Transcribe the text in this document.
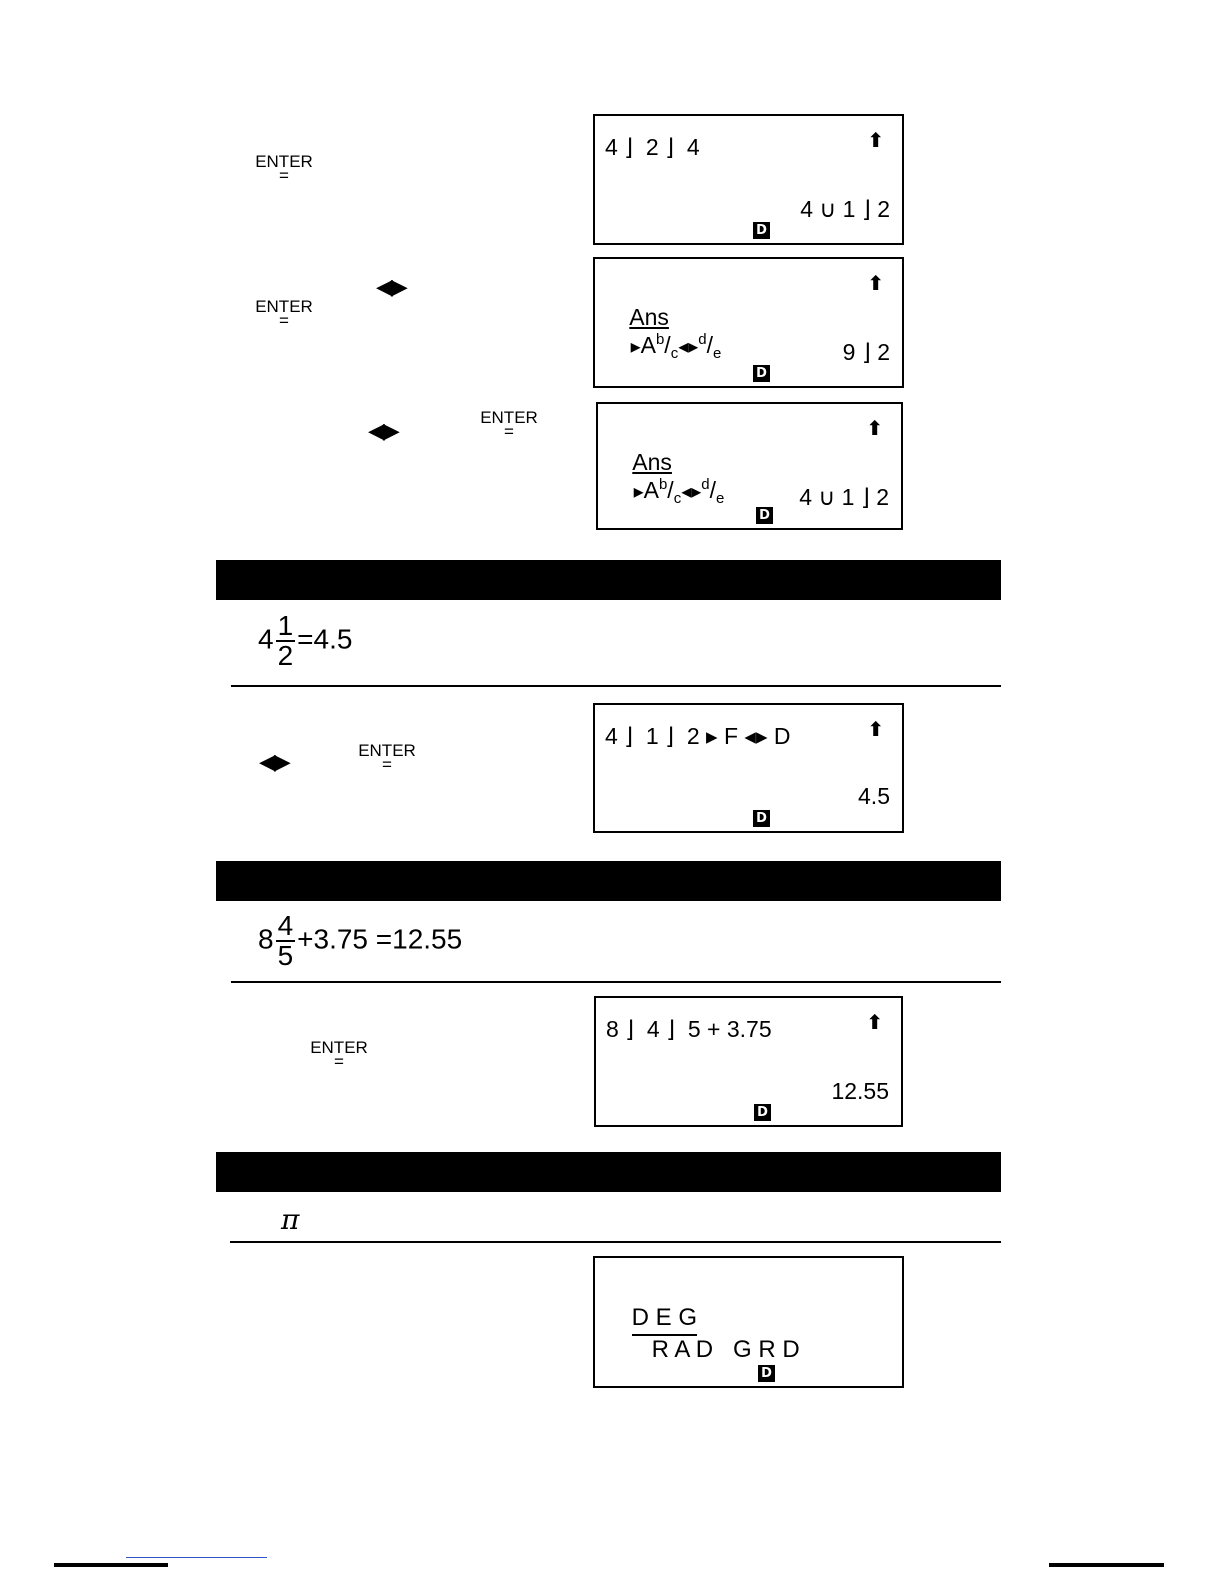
ENTER
=
4 ⌋  2 ⌋  4	⬆
4 ∪ 1 ⌋ 2
D
◀▶
ENTER
=	Ans
$▸A^b/_c◂▸^d/_e$

⬆
9 ⌋ 2
D
◀▶
ENTER
=

Ans
$▸A^b/_c◂▸^d/_e$

⬆
4 ∪ 1 ⌋ 2
D
$4 \frac{1}{2} =4.5$
◀▶	ENTER
=
4 ⌋  1 ⌋  2 ▸ F ◂▸ D	⬆
4.5
D
$8 \frac{4}{5} +3.75 =12.55$
ENTER
=
8 ⌋  4 ⌋  5 + 3.75	⬆
12.55
D
π

D E G
R A D   G R D

D
